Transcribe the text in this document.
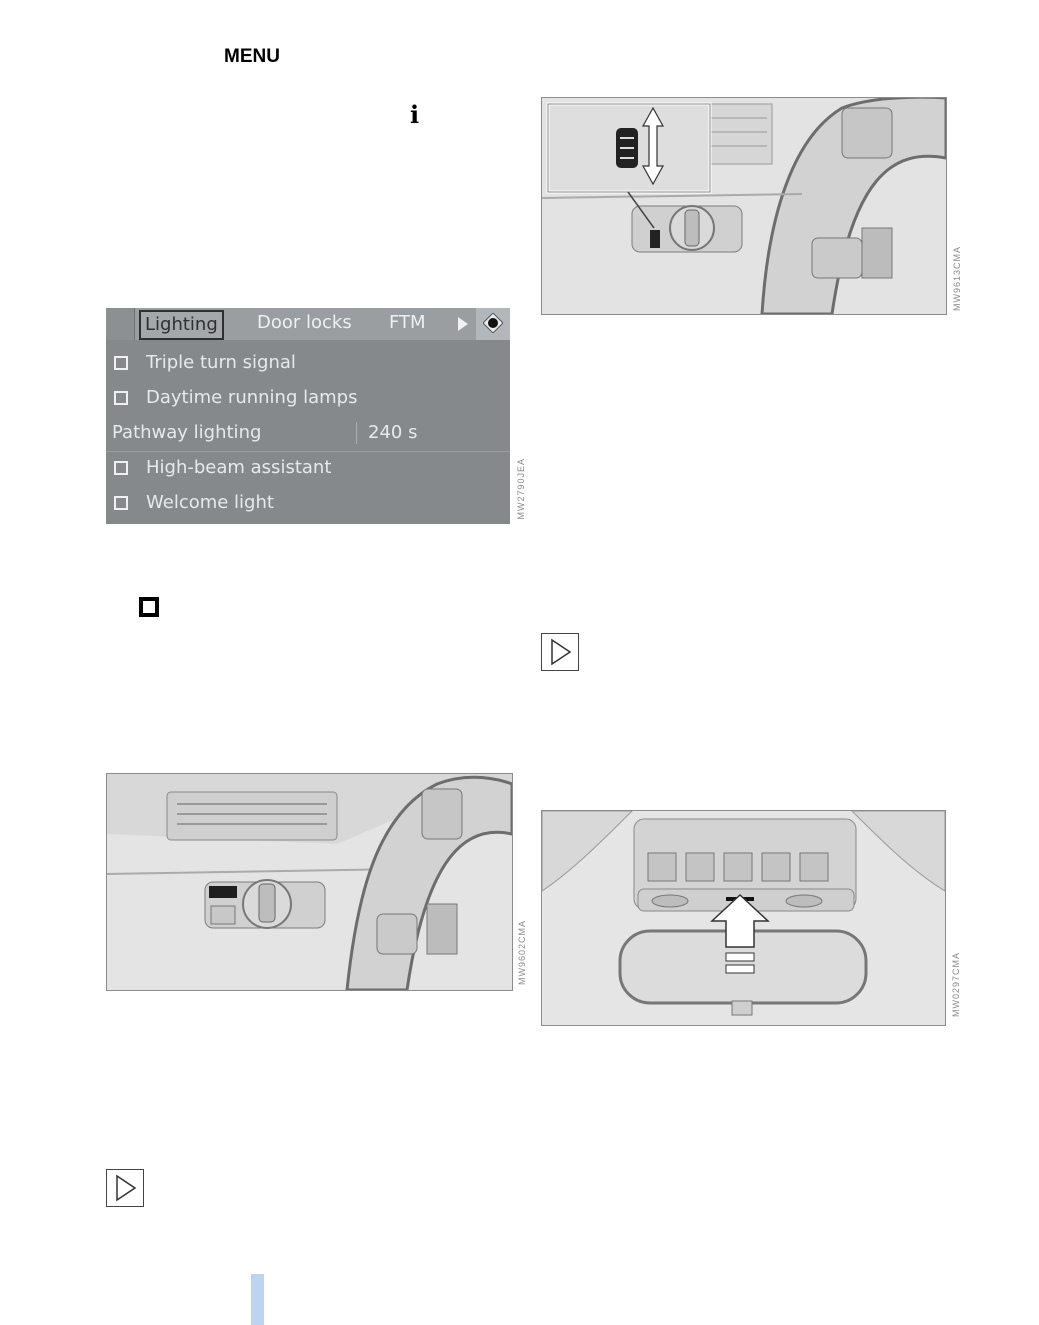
MENU
i
Lighting	Door locks FTM
Triple turn signal
Daytime running lamps
Pathway lighting	240 s
High-beam assistant
Welcome light	MW2790JEA
MW9602CMA
MW9613CMA
MW0297CMA
